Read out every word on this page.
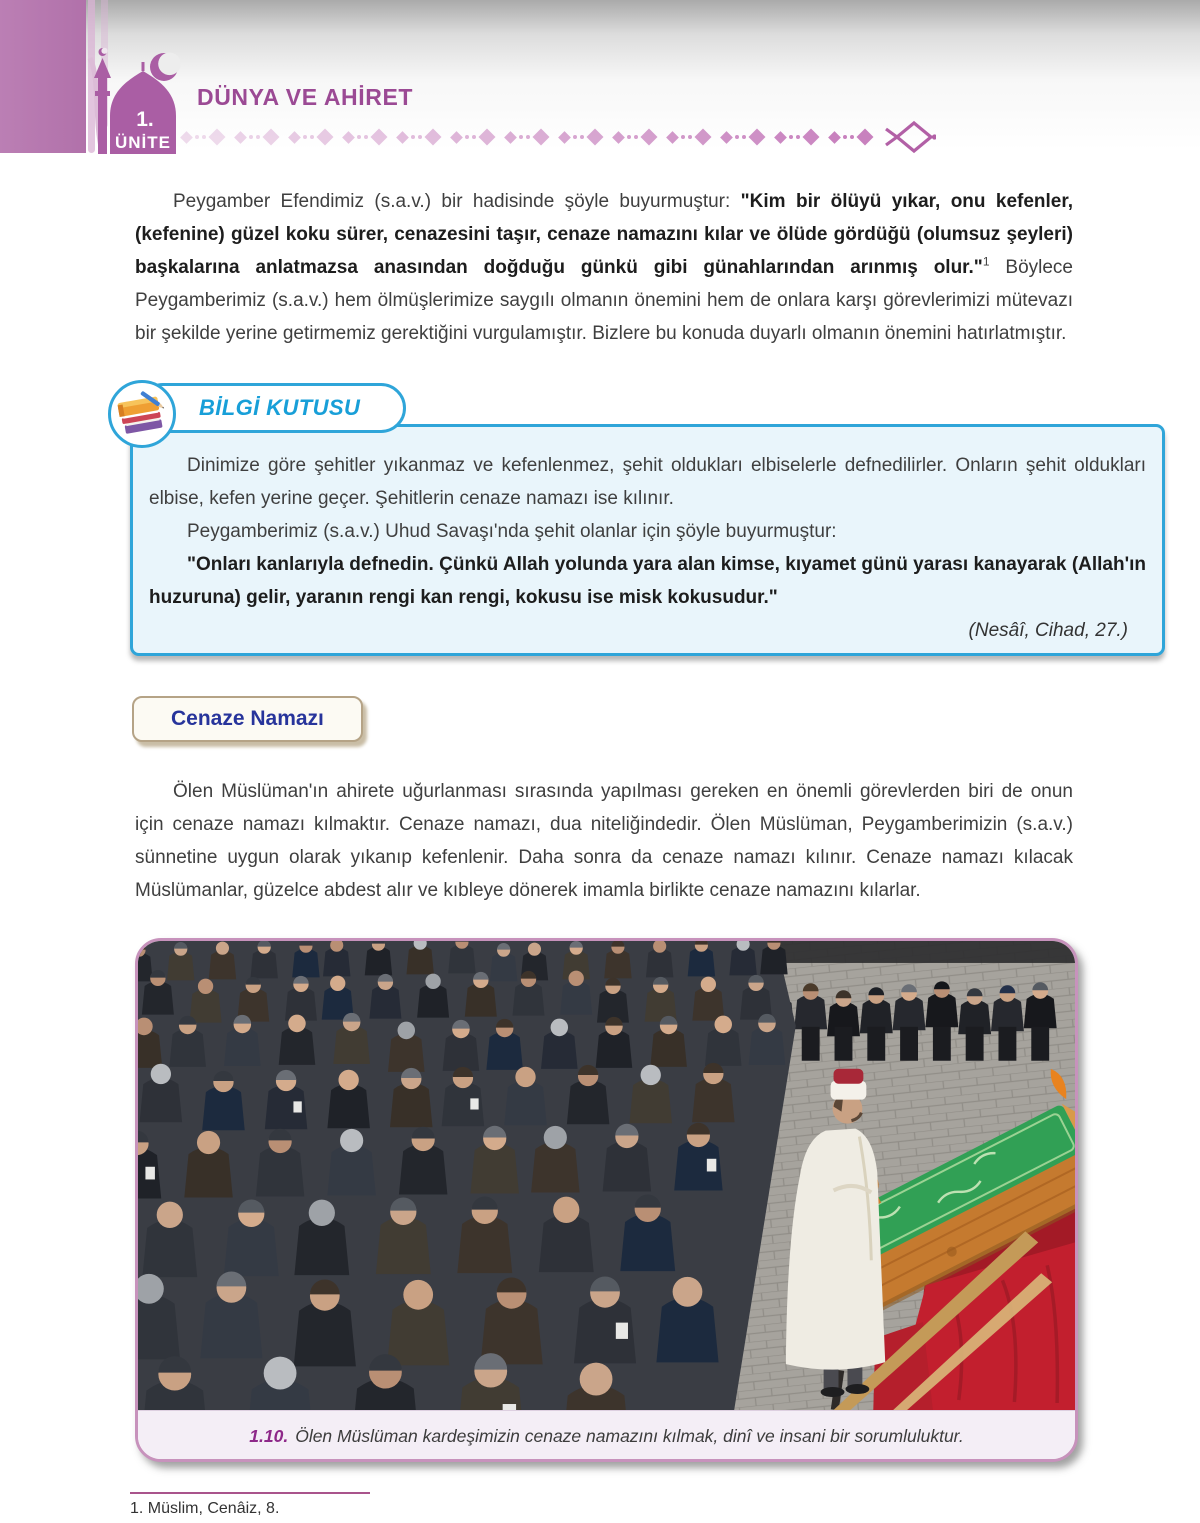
1.
ÜNİTE
DÜNYA VE AHİRET

Peygamber Efendimiz (s.a.v.) bir hadisinde şöyle buyurmuştur: "Kim bir ölüyü yıkar, onu kefenler, (kefenine) güzel koku sürer, cenazesini taşır, cenaze namazını kılar ve ölüde gördüğü (olumsuz şeyleri) başkalarına anlatmazsa anasından doğduğu günkü gibi günahlarından arınmış olur."$^1$ Böylece Peygamberimiz (s.a.v.) hem ölmüşlerimize saygılı olmanın önemini hem de onlara karşı görevlerimizi mütevazı bir şekilde yerine getirmemiz gerektiğini vurgulamıştır. Bizlere bu konuda duyarlı olmanın önemini hatırlatmıştır.

Dinimize göre şehitler yıkanmaz ve kefenlenmez, şehit oldukları elbiselerle defnedilirler. Onların şehit oldukları elbise, kefen yerine geçer. Şehitlerin cenaze namazı ise kılınır.
Peygamberimiz (s.a.v.) Uhud Savaşı'nda şehit olanlar için şöyle buyurmuştur:
"Onları kanlarıyla defnedin. Çünkü Allah yolunda yara alan kimse, kıyamet günü yarası kanayarak (Allah'ın huzuruna) gelir, yaranın rengi kan rengi, kokusu ise misk kokusudur."
(Nesâî, Cihad, 27.)
BİLGİ KUTUSU
Cenaze Namazı

Ölen Müslüman'ın ahirete uğurlanması sırasında yapılması gereken en önemli görevlerden biri de onun için cenaze namazı kılmaktır. Cenaze namazı, dua niteliğindedir. Ölen Müslüman, Peygamberimizin (s.a.v.) sünnetine uygun olarak yıkanıp kefenlenir. Daha sonra da cenaze namazı kılınır. Cenaze namazı kılacak Müslümanlar, güzelce abdest alır ve kıbleye dönerek imamla birlikte cenaze namazını kılarlar.

1.10. Ölen Müslüman kardeşimizin cenaze namazını kılmak, dinî ve insani bir sorumluluktur.
1. Müslim, Cenâiz, 8.
